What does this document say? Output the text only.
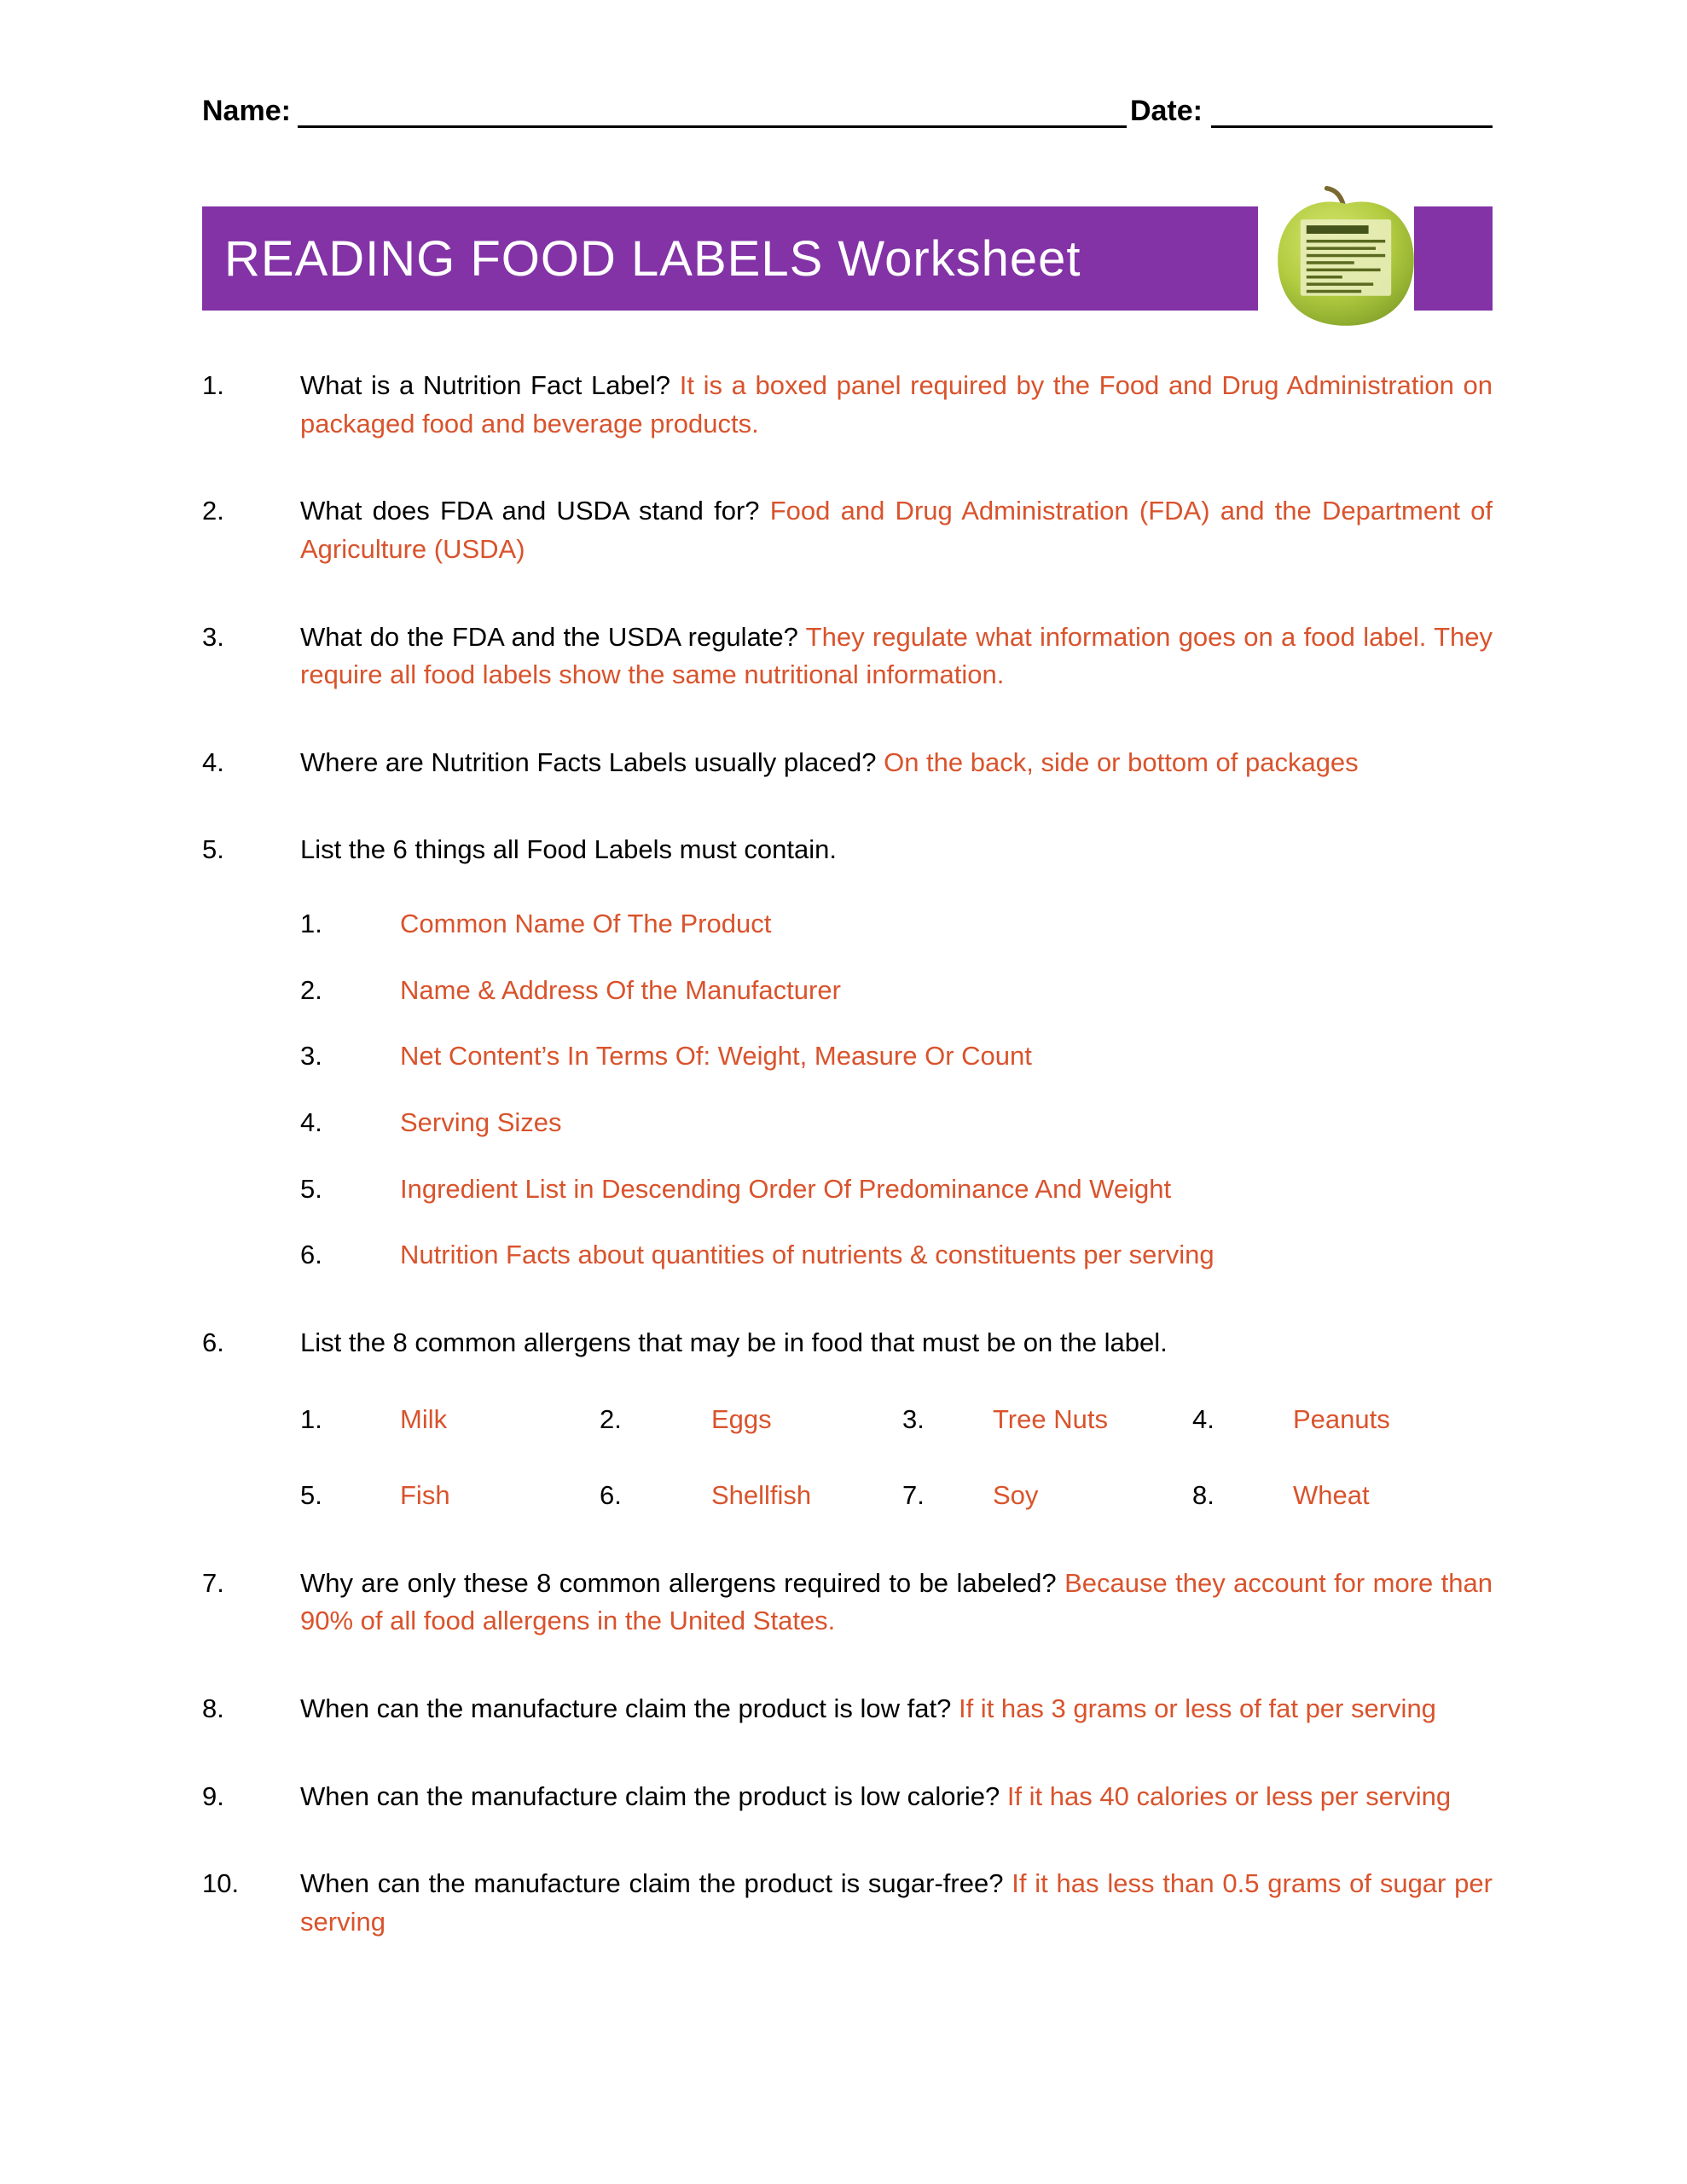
Name:	Date:
READING FOOD LABELS Worksheet
1.	What is a Nutrition Fact Label? It is a boxed panel required by the Food and Drug Administration on packaged food and beverage products.

2.	What does FDA and USDA stand for? Food and Drug Administration (FDA) and the Department of Agriculture (USDA)

3.	What do the FDA and the USDA regulate? They regulate what information goes on a food label. They require all food labels show the same nutritional information.

4.	Where are Nutrition Facts Labels usually placed? On the back, side or bottom of packages

5.	List the 6 things all Food Labels must contain.

1.	Common Name Of The Product
2.	Name & Address Of the Manufacturer
3.	Net Content’s In Terms Of: Weight, Measure Or Count
4.	Serving Sizes
5.	Ingredient List in Descending Order Of Predominance And Weight
6.	Nutrition Facts about quantities of nutrients & constituents per serving
6.	List the 8 common allergens that may be in food that must be on the label.

1.	Milk	2.	Eggs	3.	Tree Nuts	4.	Peanuts
5.	Fish	6.	Shellfish	7.	Soy	8.	Wheat
7.	Why are only these 8 common allergens required to be labeled? Because they account for more than 90% of all food allergens in the United States.

8.	When can the manufacture claim the product is low fat? If it has 3 grams or less of fat per serving

9.	When can the manufacture claim the product is low calorie? If it has 40 calories or less per serving

10.	When can the manufacture claim the product is sugar-free? If it has less than 0.5 grams of sugar per serving
